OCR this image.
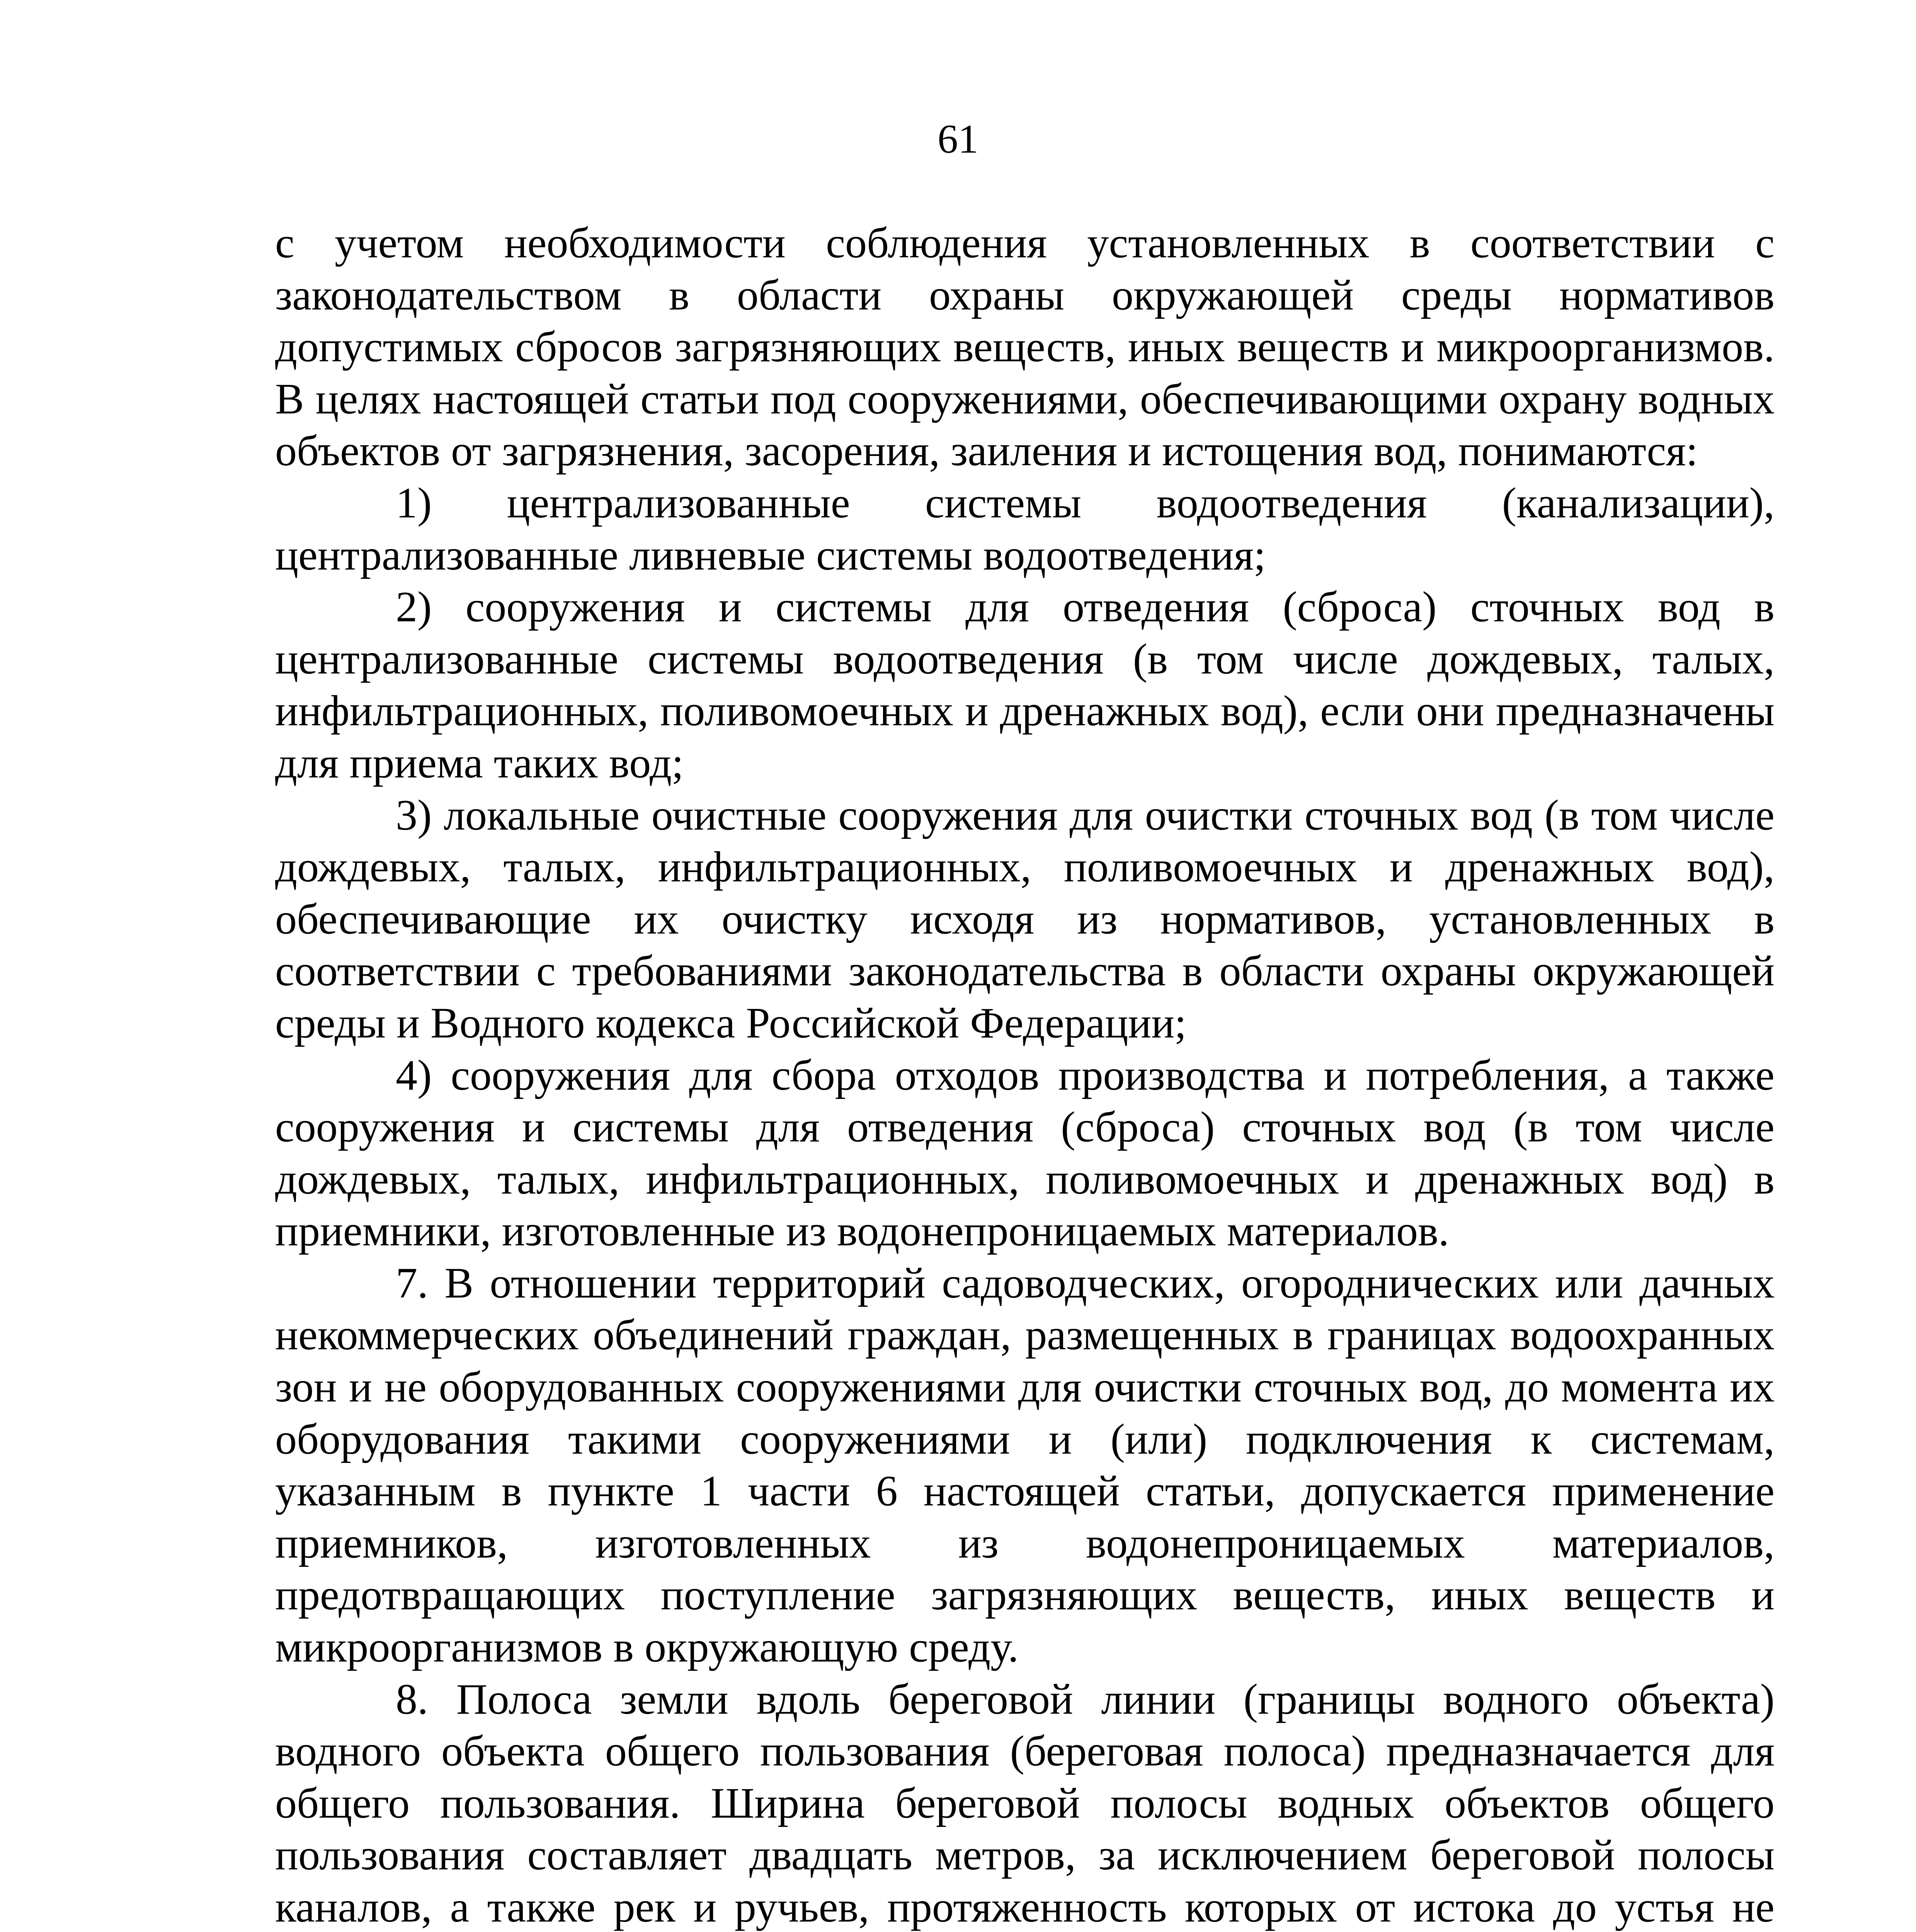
61

с учетом необходимости соблюдения установленных в соответствии с законодательством в области охраны окружающей среды нормативов допустимых сбросов загрязняющих веществ, иных веществ и микроорганизмов. В целях настоящей статьи под сооружениями, обеспечивающими охрану водных объектов от загрязнения, засорения, заиления и истощения вод, понимаются:

1) централизованные системы водоотведения (канализации), централизованные ливневые системы водоотведения;

2) сооружения и системы для отведения (сброса) сточных вод в централизованные системы водоотведения (в том числе дождевых, талых, инфильтрационных, поливомоечных и дренажных вод), если они предназначены для приема таких вод;

3) локальные очистные сооружения для очистки сточных вод (в том числе дождевых, талых, инфильтрационных, поливомоечных и дренажных вод), обеспечивающие их очистку исходя из нормативов, установленных в соответствии с требованиями законодательства в области охраны окружающей среды и Водного кодекса Российской Федерации;

4) сооружения для сбора отходов производства и потребления, а также сооружения и системы для отведения (сброса) сточных вод (в том числе дождевых, талых, инфильтрационных, поливомоечных и дренажных вод) в приемники, изготовленные из водонепроницаемых материалов.

7. В отношении территорий садоводческих, огороднических или дачных некоммерческих объединений граждан, размещенных в границах водоохранных зон и не оборудованных сооружениями для очистки сточных вод, до момента их оборудования такими сооружениями и (или) подключения к системам, указанным в пункте 1 части 6 настоящей статьи, допускается применение приемников, изготовленных из водонепроницаемых материалов, предотвращающих поступление загрязняющих веществ, иных веществ и микроорганизмов в окружающую среду.

8. Полоса земли вдоль береговой линии (границы водного объекта) водного объекта общего пользования (береговая полоса) предназначается для общего пользования. Ширина береговой полосы водных объектов общего пользования составляет двадцать метров, за исключением береговой полосы каналов, а также рек и ручьев, протяженность которых от истока до устья не
